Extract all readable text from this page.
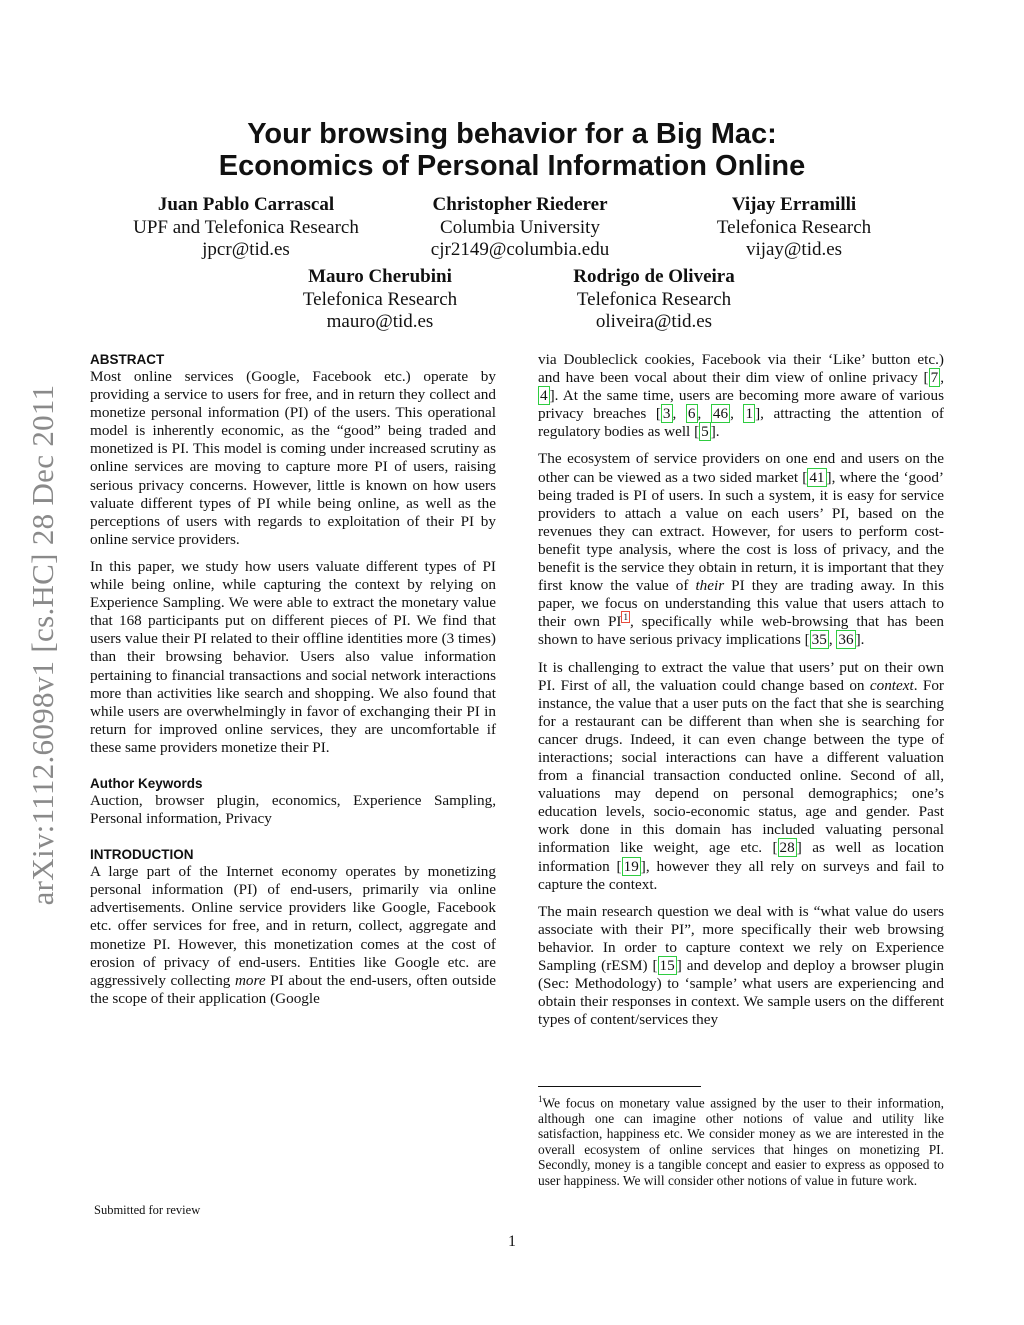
Your browsing behavior for a Big Mac:
Economics of Personal Information Online
Juan Pablo Carrascal
UPF and Telefonica Research
jpcr@tid.es
Christopher Riederer
Columbia University
cjr2149@columbia.edu
Vijay Erramilli
Telefonica Research
vijay@tid.es
Mauro Cherubini
Telefonica Research
mauro@tid.es
Rodrigo de Oliveira
Telefonica Research
oliveira@tid.es
arXiv:1112.6098v1 [cs.HC] 28 Dec 2011
ABSTRACT

Most online services (Google, Facebook etc.) operate by providing a service to users for free, and in return they collect and monetize personal information (PI) of the users. This operational model is inherently economic, as the “good” being traded and monetized is PI. This model is coming under increased scrutiny as online services are moving to capture more PI of users, raising serious privacy concerns. However, little is known on how users valuate different types of PI while being online, as well as the perceptions of users with regards to exploitation of their PI by online service providers.

In this paper, we study how users valuate different types of PI while being online, while capturing the context by relying on Experience Sampling. We were able to extract the monetary value that 168 participants put on different pieces of PI. We find that users value their PI related to their offline identities more (3 times) than their browsing behavior. Users also value information pertaining to financial transactions and social network interactions more than activities like search and shopping. We also found that while users are overwhelmingly in favor of exchanging their PI in return for improved online services, they are uncomfortable if these same providers monetize their PI.

Author Keywords

Auction, browser plugin, economics, Experience Sampling, Personal information, Privacy

INTRODUCTION

A large part of the Internet economy operates by monetizing personal information (PI) of end-users, primarily via online advertisements. Online service providers like Google, Facebook etc. offer services for free, and in return, collect, aggregate and monetize PI. However, this monetization comes at the cost of erosion of privacy of end-users. Entities like Google etc. are aggressively collecting more PI about the end-users, often outside the scope of their application (Google

via Doubleclick cookies, Facebook via their ‘Like’ button etc.) and have been vocal about their dim view of online privacy [ 7 , 4 ]. At the same time, users are becoming more aware of various privacy breaches [ 3 , 6 , 46 , 1 ], attracting the attention of regulatory bodies as well [ 5 ].

The ecosystem of service providers on one end and users on the other can be viewed as a two sided market [ 41 ], where the ‘good’ being traded is PI of users. In such a system, it is easy for service providers to attach a value on each users’ PI, based on the revenues they can extract. However, for users to perform cost-benefit type analysis, where the cost is loss of privacy, and the benefit is the service they obtain in return, it is important that they first know the value of their PI they are trading away. In this paper, we focus on understanding this value that users attach to their own PI $^1$ , specifically while web-browsing that has been shown to have serious privacy implications [ 35 , 36 ].

It is challenging to extract the value that users’ put on their own PI. First of all, the valuation could change based on context. For instance, the value that a user puts on the fact that she is searching for a restaurant can be different than when she is searching for cancer drugs. Indeed, it can even change between the type of interactions; social interactions can have a different valuation from a financial transaction conducted online. Second of all, valuations may depend on personal demographics; one’s education levels, socio-economic status, age and gender. Past work done in this domain has included valuating personal information like weight, age etc. [ 28 ] as well as location information [ 19 ], however they all rely on surveys and fail to capture the context.

The main research question we deal with is “what value do users associate with their PI”, more specifically their web browsing behavior. In order to capture context we rely on Experience Sampling (rESM) [ 15 ] and develop and deploy a browser plugin (Sec: Methodology) to ‘sample’ what users are experiencing and obtain their responses in context. We sample users on the different types of content/services they

$^1$We focus on monetary value assigned by the user to their information, although one can imagine other notions of value and utility like satisfaction, happiness etc. We consider money as we are interested in the overall ecosystem of online services that hinges on monetizing PI. Secondly, money is a tangible concept and easier to express as opposed to user happiness. We will consider other notions of value in future work.
Submitted for review
1
